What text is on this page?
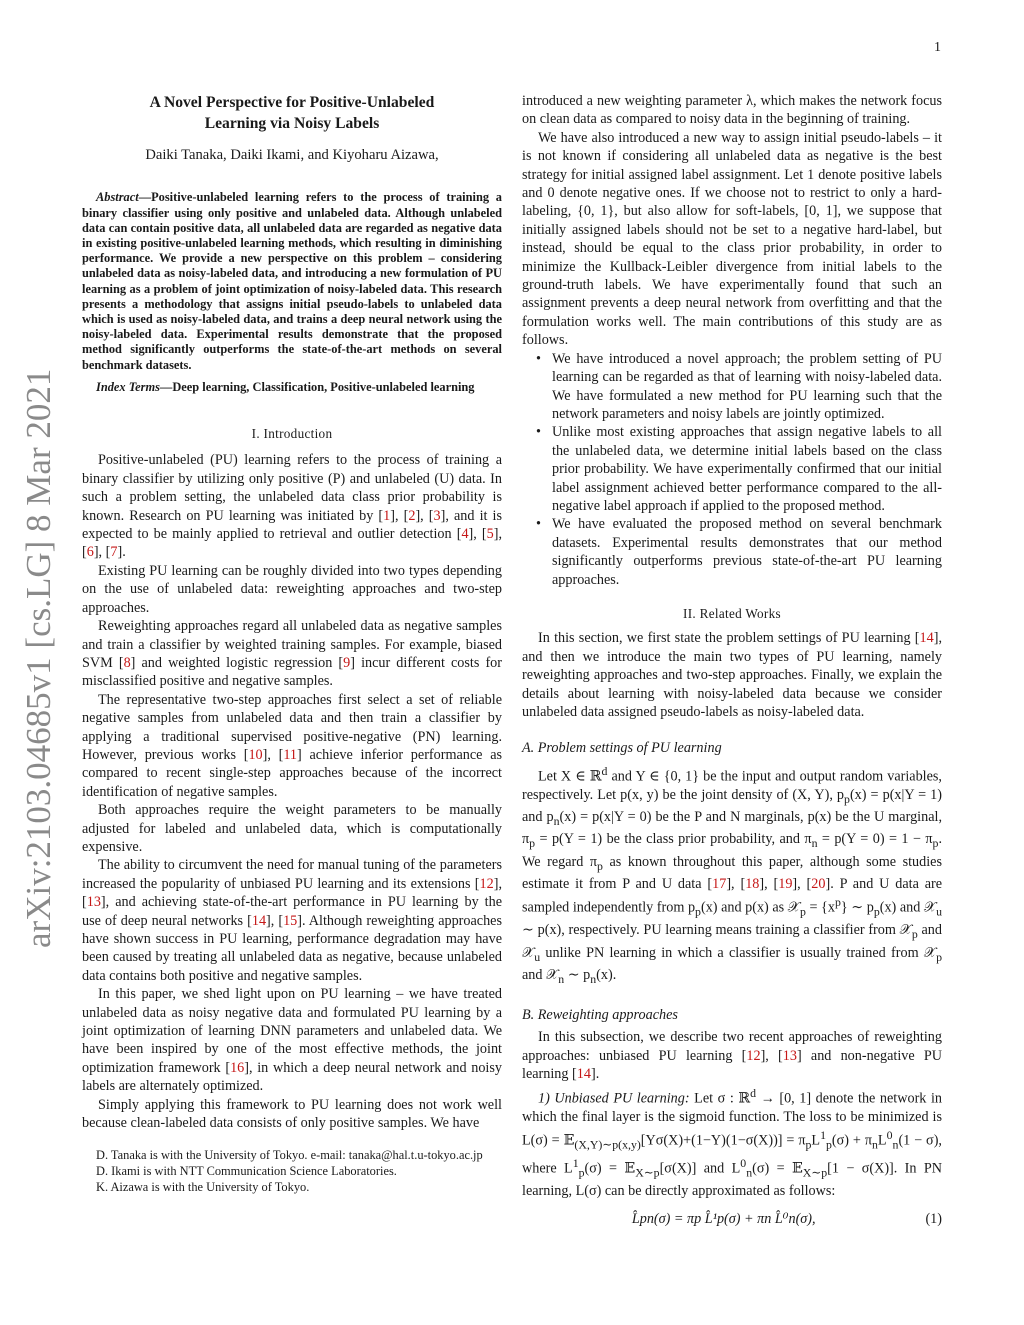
1
arXiv:2103.04685v1 [cs.LG] 8 Mar 2021

A Novel Perspective for Positive-Unlabeled Learning via Noisy Labels

Daiki Tanaka, Daiki Ikami, and Kiyoharu Aizawa,

Abstract—Positive-unlabeled learning refers to the process of training a binary classifier using only positive and unlabeled data. Although unlabeled data can contain positive data, all unlabeled data are regarded as negative data in existing positive-unlabeled learning methods, which resulting in diminishing performance. We provide a new perspective on this problem – considering unlabeled data as noisy-labeled data, and introducing a new formulation of PU learning as a problem of joint optimization of noisy-labeled data. This research presents a methodology that assigns initial pseudo-labels to unlabeled data which is used as noisy-labeled data, and trains a deep neural network using the noisy-labeled data. Experimental results demonstrate that the proposed method significantly outperforms the state-of-the-art methods on several benchmark datasets.

Index Terms—Deep learning, Classification, Positive-unlabeled learning

I. Introduction

Positive-unlabeled (PU) learning refers to the process of training a binary classifier by utilizing only positive (P) and unlabeled (U) data. In such a problem setting, the unlabeled data class prior probability is known. Research on PU learning was initiated by [1], [2], [3], and it is expected to be mainly applied to retrieval and outlier detection [4], [5], [6], [7].

Existing PU learning can be roughly divided into two types depending on the use of unlabeled data: reweighting approaches and two-step approaches.

Reweighting approaches regard all unlabeled data as negative samples and train a classifier by weighted training samples. For example, biased SVM [8] and weighted logistic regression [9] incur different costs for misclassified positive and negative samples.

The representative two-step approaches first select a set of reliable negative samples from unlabeled data and then train a classifier by applying a traditional supervised positive-negative (PN) learning. However, previous works [10], [11] achieve inferior performance as compared to recent single-step approaches because of the incorrect identification of negative samples.

Both approaches require the weight parameters to be manually adjusted for labeled and unlabeled data, which is computationally expensive.

The ability to circumvent the need for manual tuning of the parameters increased the popularity of unbiased PU learning and its extensions [12], [13], and achieving state-of-the-art performance in PU learning by the use of deep neural networks [14], [15]. Although reweighting approaches have shown success in PU learning, performance degradation may have been caused by treating all unlabeled data as negative, because unlabeled data contains both positive and negative samples.

In this paper, we shed light upon on PU learning – we have treated unlabeled data as noisy negative data and formulated PU learning by a joint optimization of learning DNN parameters and unlabeled data. We have been inspired by one of the most effective methods, the joint optimization framework [16], in which a deep neural network and noisy labels are alternately optimized.

Simply applying this framework to PU learning does not work well because clean-labeled data consists of only positive samples. We have

D. Tanaka is with the University of Tokyo. e-mail: tanaka@hal.t.u-tokyo.ac.jp

D. Ikami is with NTT Communication Science Laboratories.

K. Aizawa is with the University of Tokyo.

introduced a new weighting parameter λ, which makes the network focus on clean data as compared to noisy data in the beginning of training.

We have also introduced a new way to assign initial pseudo-labels – it is not known if considering all unlabeled data as negative is the best strategy for initial assigned label assignment. Let 1 denote positive labels and 0 denote negative ones. If we choose not to restrict to only a hard-labeling, {0, 1}, but also allow for soft-labels, [0, 1], we suppose that initially assigned labels should not be set to a negative hard-label, but instead, should be equal to the class prior probability, in order to minimize the Kullback-Leibler divergence from initial labels to the ground-truth labels. We have experimentally found that such an assignment prevents a deep neural network from overfitting and that the formulation works well. The main contributions of this study are as follows.

• We have introduced a novel approach; the problem setting of PU learning can be regarded as that of learning with noisy-labeled data. We have formulated a new method for PU learning such that the network parameters and noisy labels are jointly optimized.
• Unlike most existing approaches that assign negative labels to all the unlabeled data, we determine initial labels based on the class prior probability. We have experimentally confirmed that our initial label assignment achieved better performance compared to the all-negative label approach if applied to the proposed method.
• We have evaluated the proposed method on several benchmark datasets. Experimental results demonstrates that our method significantly outperforms previous state-of-the-art PU learning approaches.

II. Related Works

In this section, we first state the problem settings of PU learning [14], and then we introduce the main two types of PU learning, namely reweighting approaches and two-step approaches. Finally, we explain the details about learning with noisy-labeled data because we consider unlabeled data assigned pseudo-labels as noisy-labeled data.

A. Problem settings of PU learning

Let X ∈ ℝ$^d$ and Y ∈ {0, 1} be the input and output random variables, respectively. Let p(x, y) be the joint density of (X, Y), $p_p(x) = p(x|Y = 1)$ and $p_n(x) = p(x|Y = 0)$ be the P and N marginals, p(x) be the U marginal, $\pi_p = p(Y = 1)$ be the class prior probability, and $\pi_n = p(Y = 0) = 1 - \pi_p$. We regard $\pi_p$ as known throughout this paper, although some studies estimate it from P and U data [17], [18], [19], [20]. P and U data are sampled independently from $p_p(x)$ and p(x) as 𝒳$_p$ = $\{x^p\}$ ∼ $p_p(x)$ and 𝒳$_u$ ∼ p(x), respectively. PU learning means training a classifier from 𝒳$_p$ and 𝒳$_u$ unlike PN learning in which a classifier is usually trained from 𝒳$_p$ and 𝒳$_n$ ∼ $p_n(x)$.

B. Reweighting approaches

In this subsection, we describe two recent approaches of reweighting approaches: unbiased PU learning [12], [13] and non-negative PU learning [14].

1) Unbiased PU learning: Let σ : ℝ$^d$ → [0, 1] denote the network in which the final layer is the sigmoid function. The loss to be minimized is L(σ) = 𝔼$_{(X,Y)\sim p(x,y)}$[Yσ(X)+(1−Y)(1−σ(X))] = $\pi_pL^1_p(\sigma) + \pi_nL^0_n(1 - \sigma)$, where $L^1_p(\sigma)$ = 𝔼$_{X\sim p}$[σ(X)] and $L^0_n(\sigma)$ = 𝔼$_{X\sim p}$[1 − σ(X)]. In PN learning, L(σ) can be directly approximated as follows:

L̂pn(σ) = πp L̂¹p(σ) + πn L̂⁰n(σ),	(1)
